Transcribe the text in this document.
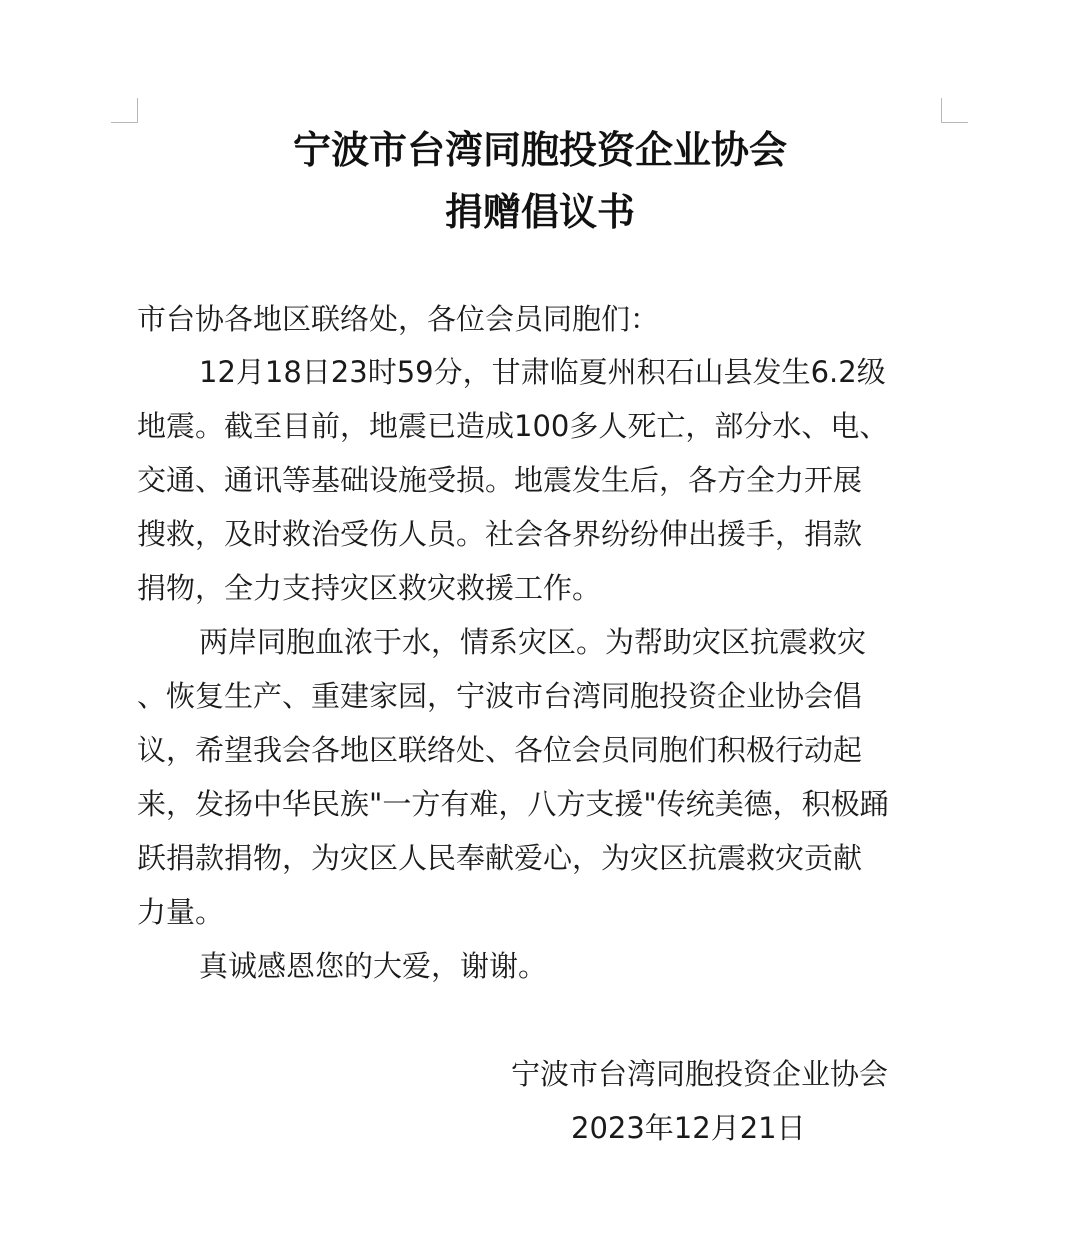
宁波市台湾同胞投资企业协会
捐赠倡议书

市台协各地区联络处，各位会员同胞们：

12月18日23时59分，甘肃临夏州积石山县发生6.2级
地震。截至目前，地震已造成100多人死亡，部分水、电、
交通、通讯等基础设施受损。地震发生后，各方全力开展
搜救，及时救治受伤人员。社会各界纷纷伸出援手，捐款
捐物，全力支持灾区救灾救援工作。
两岸同胞血浓于水，情系灾区。为帮助灾区抗震救灾
、恢复生产、重建家园，宁波市台湾同胞投资企业协会倡
议，希望我会各地区联络处、各位会员同胞们积极行动起
来，发扬中华民族"一方有难，八方支援"传统美德，积极踊
跃捐款捐物，为灾区人民奉献爱心，为灾区抗震救灾贡献
力量。
真诚感恩您的大爱，谢谢。
宁波市台湾同胞投资企业协会
2023年12月21日
